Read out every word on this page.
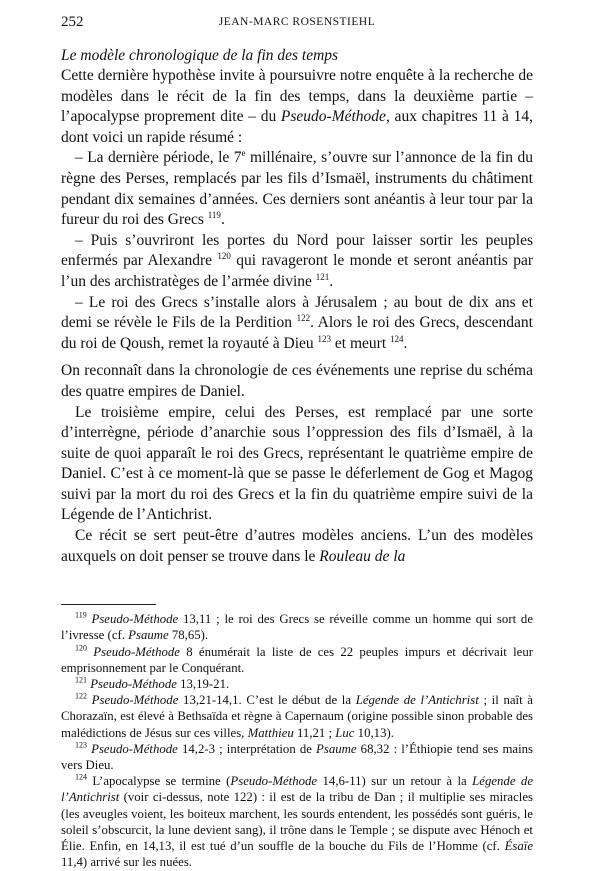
252	JEAN-MARC ROSENSTIEHL
Le modèle chronologique de la fin des temps

Cette dernière hypothèse invite à poursuivre notre enquête à la recherche de modèles dans le récit de la fin des temps, dans la deuxième partie – l’apocalypse proprement dite – du Pseudo-Méthode, aux chapitres 11 à 14, dont voici un rapide résumé :

– La dernière période, le 7e millénaire, s’ouvre sur l’annonce de la fin du règne des Perses, remplacés par les fils d’Ismaël, instruments du châtiment pendant dix semaines d’années. Ces derniers sont anéantis à leur tour par la fureur du roi des Grecs $^{119}$.

– Puis s’ouvriront les portes du Nord pour laisser sortir les peuples enfermés par Alexandre $^{120}$ qui ravageront le monde et seront anéantis par l’un des archistratèges de l’armée divine $^{121}$.

– Le roi des Grecs s’installe alors à Jérusalem ; au bout de dix ans et demi se révèle le Fils de la Perdition $^{122}$. Alors le roi des Grecs, descendant du roi de Qoush, remet la royauté à Dieu $^{123}$ et meurt $^{124}$.

On reconnaît dans la chronologie de ces événements une reprise du schéma des quatre empires de Daniel.

Le troisième empire, celui des Perses, est remplacé par une sorte d’interrègne, période d’anarchie sous l’oppression des fils d’Ismaël, à la suite de quoi apparaît le roi des Grecs, représentant le quatrième empire de Daniel. C’est à ce moment-là que se passe le déferlement de Gog et Magog suivi par la mort du roi des Grecs et la fin du quatrième empire suivi de la Légende de l’Antichrist.

Ce récit se sert peut-être d’autres modèles anciens. L’un des modèles auxquels on doit penser se trouve dans le Rouleau de la

$^{119}$ Pseudo-Méthode 13,11 ; le roi des Grecs se réveille comme un homme qui sort de l’ivresse (cf. Psaume 78,65).

$^{120}$ Pseudo-Méthode 8 énumérait la liste de ces 22 peuples impurs et décrivait leur emprisonnement par le Conquérant.

$^{121}$ Pseudo-Méthode 13,19-21.

$^{122}$ Pseudo-Méthode 13,21-14,1. C’est le début de la Légende de l’Antichrist ; il naît à Chorazaïn, est élevé à Bethsaïda et règne à Capernaum (origine possible sinon probable des malédictions de Jésus sur ces villes, Matthieu 11,21 ; Luc 10,13).

$^{123}$ Pseudo-Méthode 14,2-3 ; interprétation de Psaume 68,32 : l’Éthiopie tend ses mains vers Dieu.

$^{124}$ L’apocalypse se termine (Pseudo-Méthode 14,6-11) sur un retour à la Légende de l’Antichrist (voir ci-dessus, note 122) : il est de la tribu de Dan ; il multiplie ses miracles (les aveugles voient, les boiteux marchent, les sourds entendent, les possédés sont guéris, le soleil s’obscurcit, la lune devient sang), il trône dans le Temple ; se dispute avec Hénoch et Élie. Enfin, en 14,13, il est tué d’un souffle de la bouche du Fils de l’Homme (cf. Ésaïe 11,4) arrivé sur les nuées.
